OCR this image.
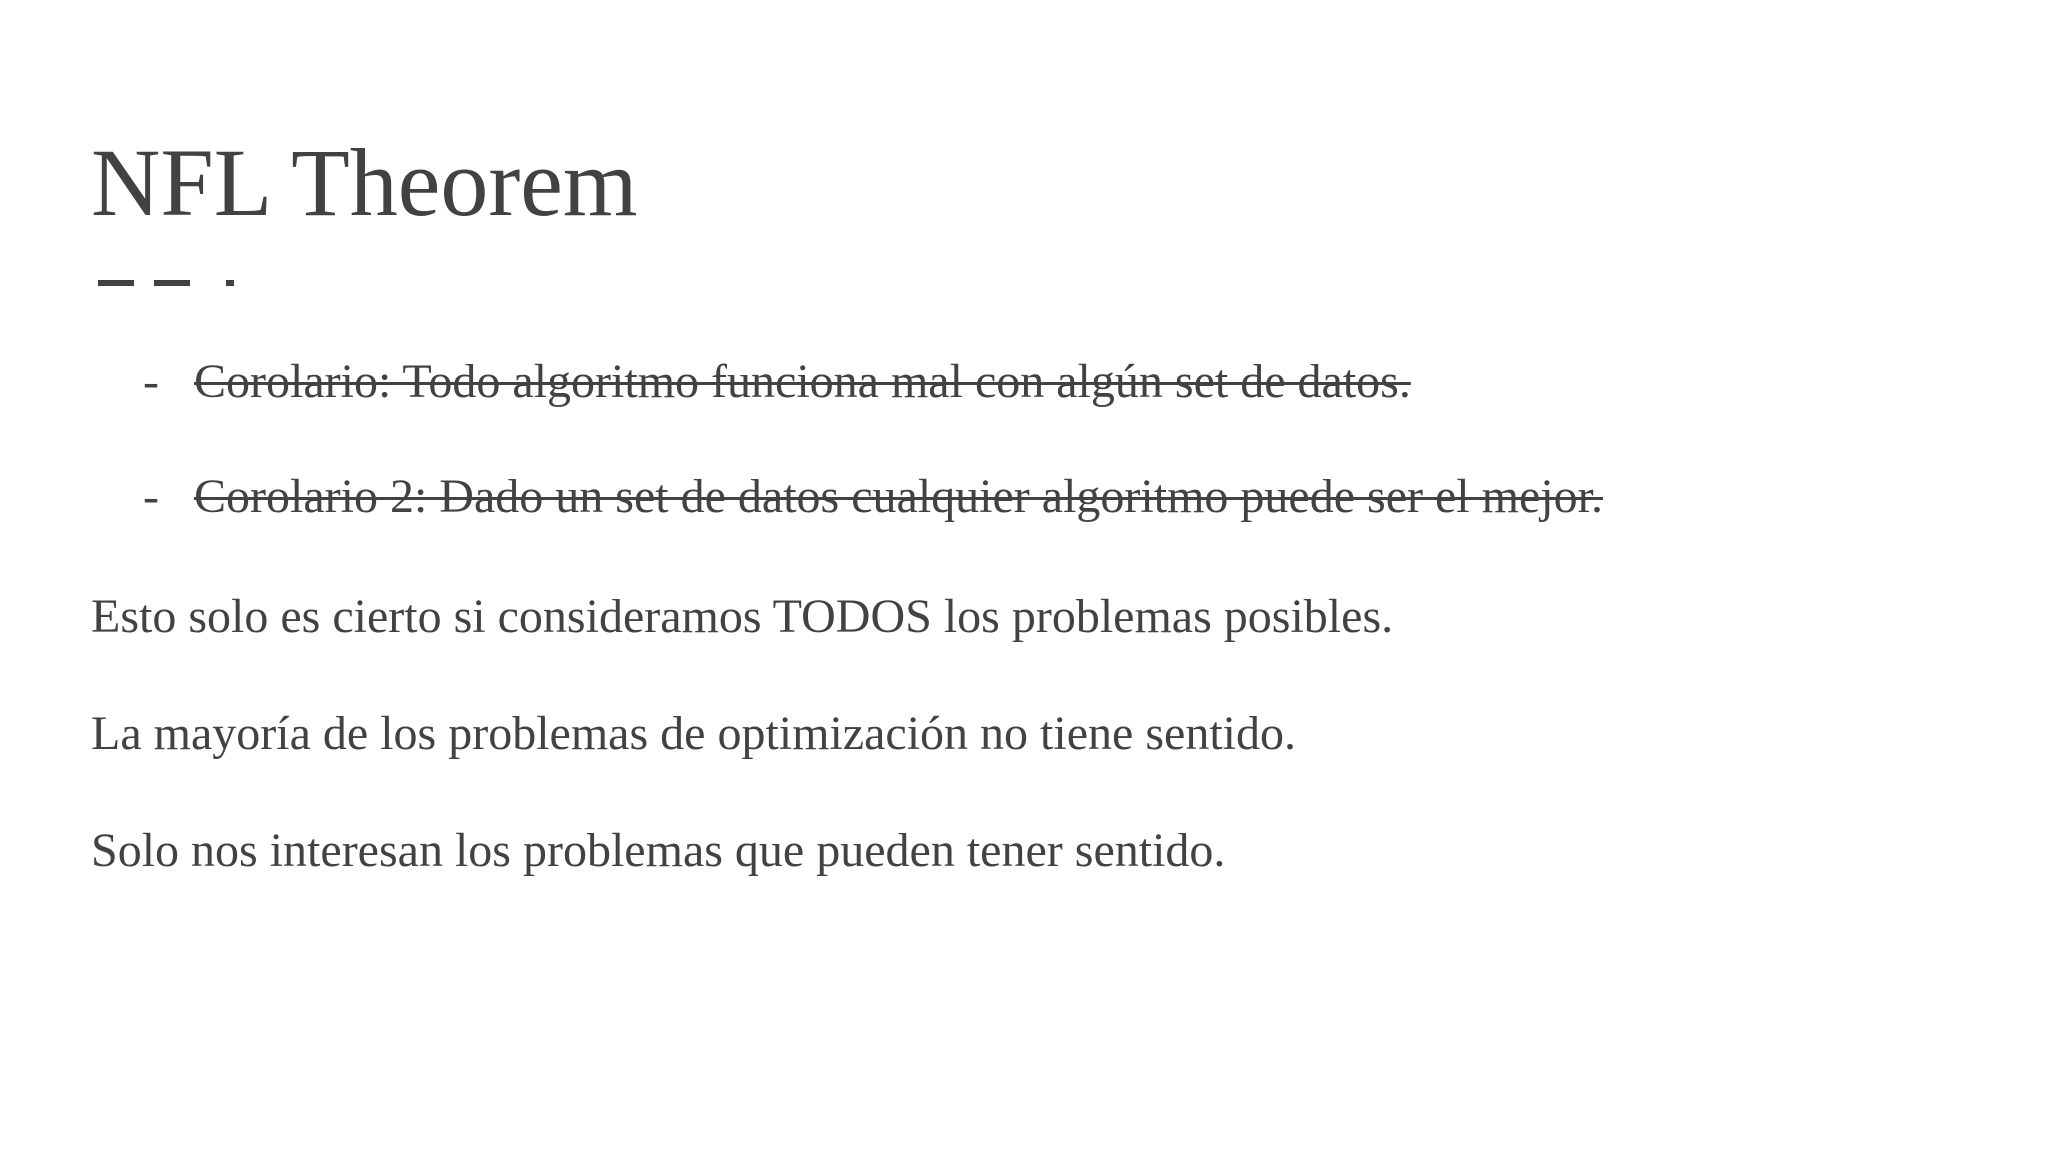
NFL Theorem
- Corolario: Todo algoritmo funciona mal con algún set de datos.
- Corolario 2: Dado un set de datos cualquier algoritmo puede ser el mejor.
Esto solo es cierto si consideramos TODOS los problemas posibles.
La mayoría de los problemas de optimización no tiene sentido.
Solo nos interesan los problemas que pueden tener sentido.
